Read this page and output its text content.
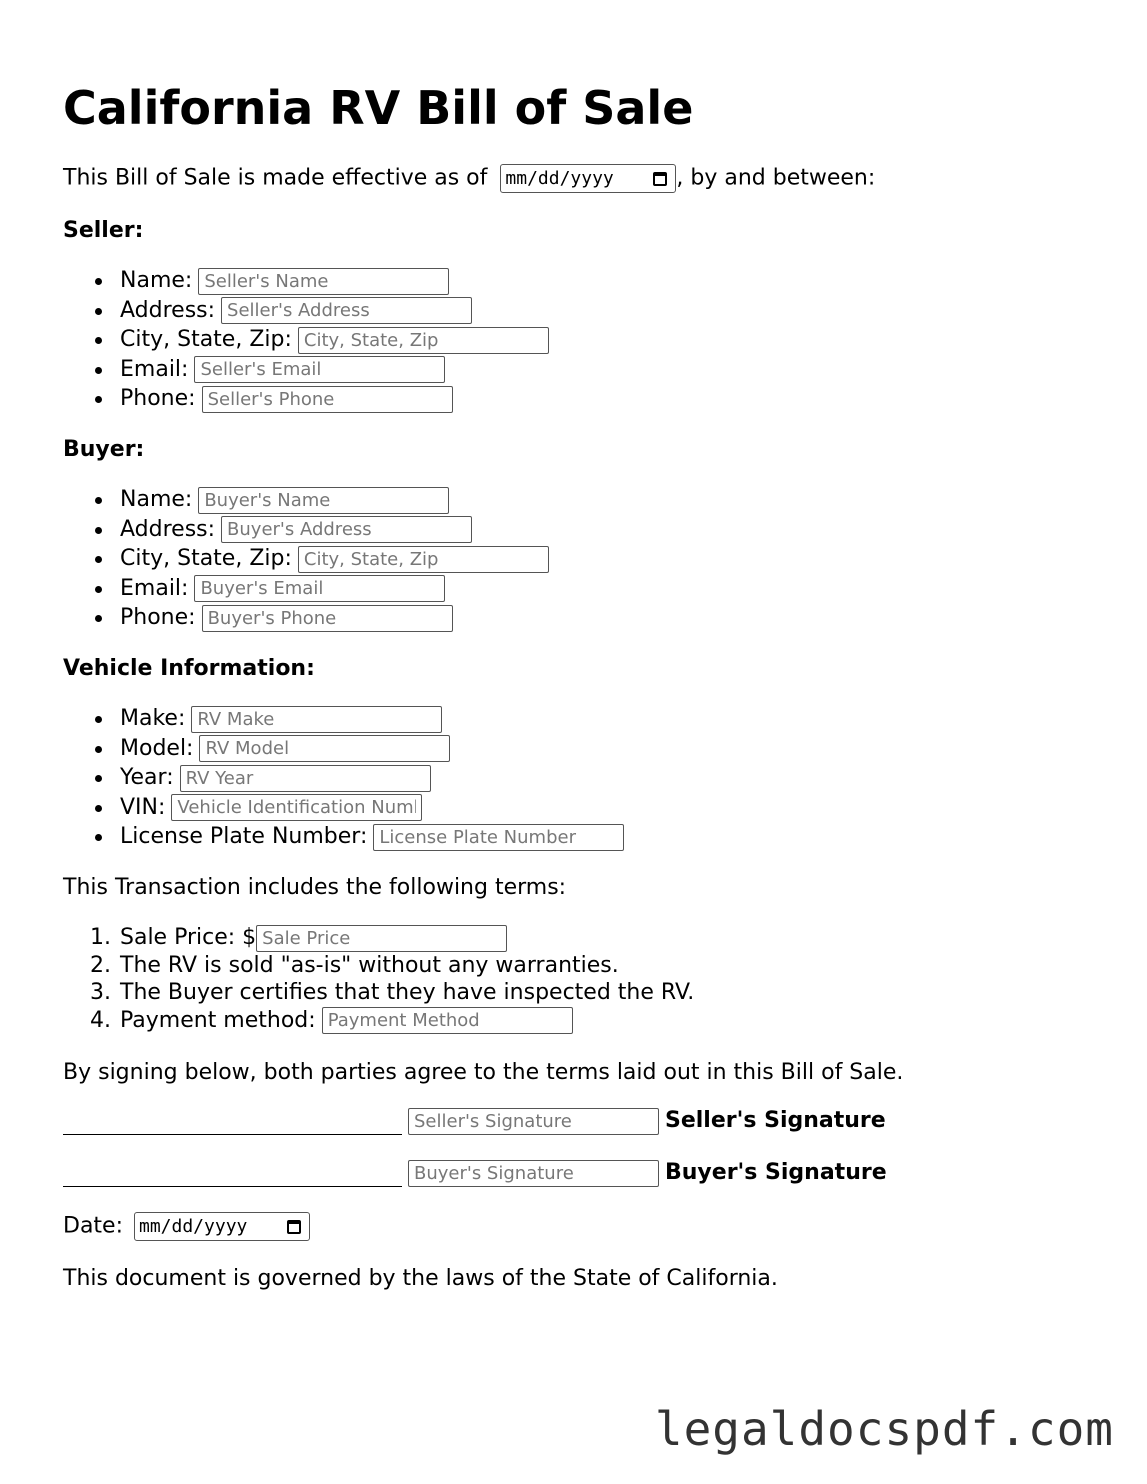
California RV Bill of Sale
This Bill of Sale is made effective as of mm/dd/yyyy	, by and between:
Seller:
Name:Seller's Name
Address:Seller's Address
City, State, Zip:City, State, Zip
Email:Seller's Email
Phone:Seller's Phone
Buyer:
Name:Buyer's Name
Address:Buyer's Address
City, State, Zip:City, State, Zip
Email:Buyer's Email
Phone:Buyer's Phone
Vehicle Information:
Make:RV Make
Model:RV Model
Year:RV Year
VIN:Vehicle Identification Number
License Plate Number:License Plate Number
This Transaction includes the following terms:
1. Sale Price: $Sale Price
2. The RV is sold "as-is" without any warranties.
3. The Buyer certifies that they have inspected the RV.
4. Payment method:Payment Method
By signing below, both parties agree to the terms laid out in this Bill of Sale.
Seller's SignatureSeller's Signature
Buyer's SignatureBuyer's Signature
Date: mm/dd/yyyy
This document is governed by the laws of the State of California.
legaldocspdf.com
